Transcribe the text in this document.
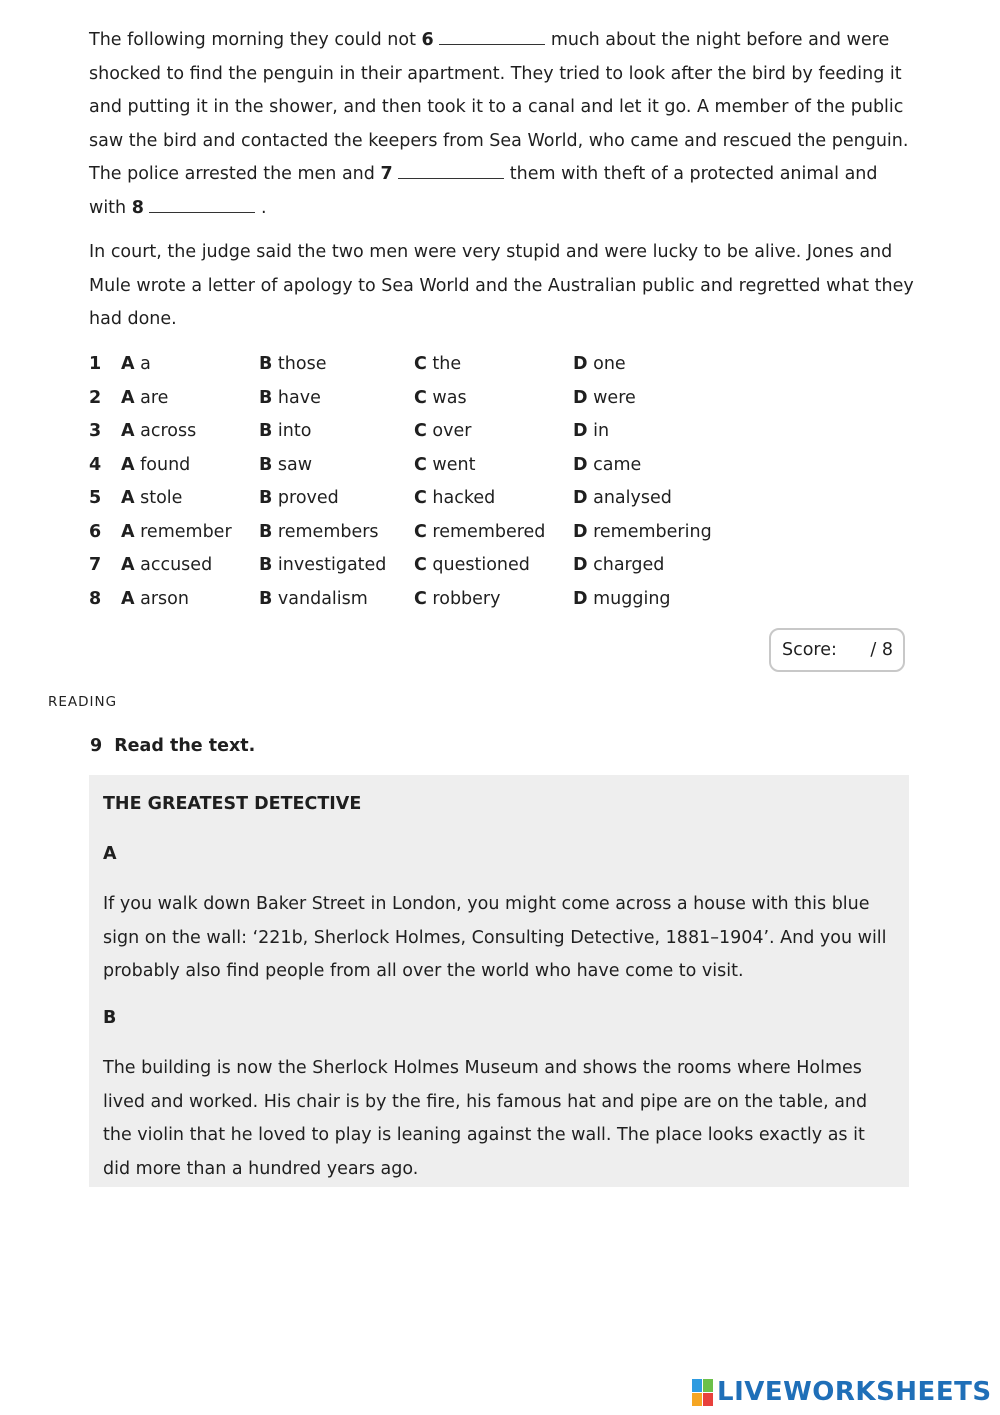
The following morning they could not 6	much about the night before and were shocked to find the penguin in their apartment. They tried to look after the bird by feeding it and putting it in the shower, and then took it to a canal and let it go. A member of the public saw the bird and contacted the keepers from Sea World, who came and rescued the penguin. The police arrested the men and 7	them with theft of a protected animal and with 8	.

In court, the judge said the two men were very stupid and were lucky to be alive. Jones and Mule wrote a letter of apology to Sea World and the Australian public and regretted what they had done.

1 A a	B those	C the	D one
2 A are	B have	C was	D were
3 A across	B into	C over	D in
4 A found	B saw	C went	D came
5 A stole	B proved	C hacked	D analysed
6 A remember B remembers C remembered D remembering
7 A accused	B investigated C questioned D charged
8 A arson	B vandalism	C robbery	D mugging
Score: / 8
READING
9 Read the text.

THE GREATEST DETECTIVE

A

If you walk down Baker Street in London, you might come across a house with this blue sign on the wall: ‘221b, Sherlock Holmes, Consulting Detective, 1881–1904’. And you will probably also find people from all over the world who have come to visit.

B

The building is now the Sherlock Holmes Museum and shows the rooms where Holmes lived and worked. His chair is by the fire, his famous hat and pipe are on the table, and the violin that he loved to play is leaning against the wall. The place looks exactly as it did more than a hundred years ago.

LIVEWORKSHEETS
